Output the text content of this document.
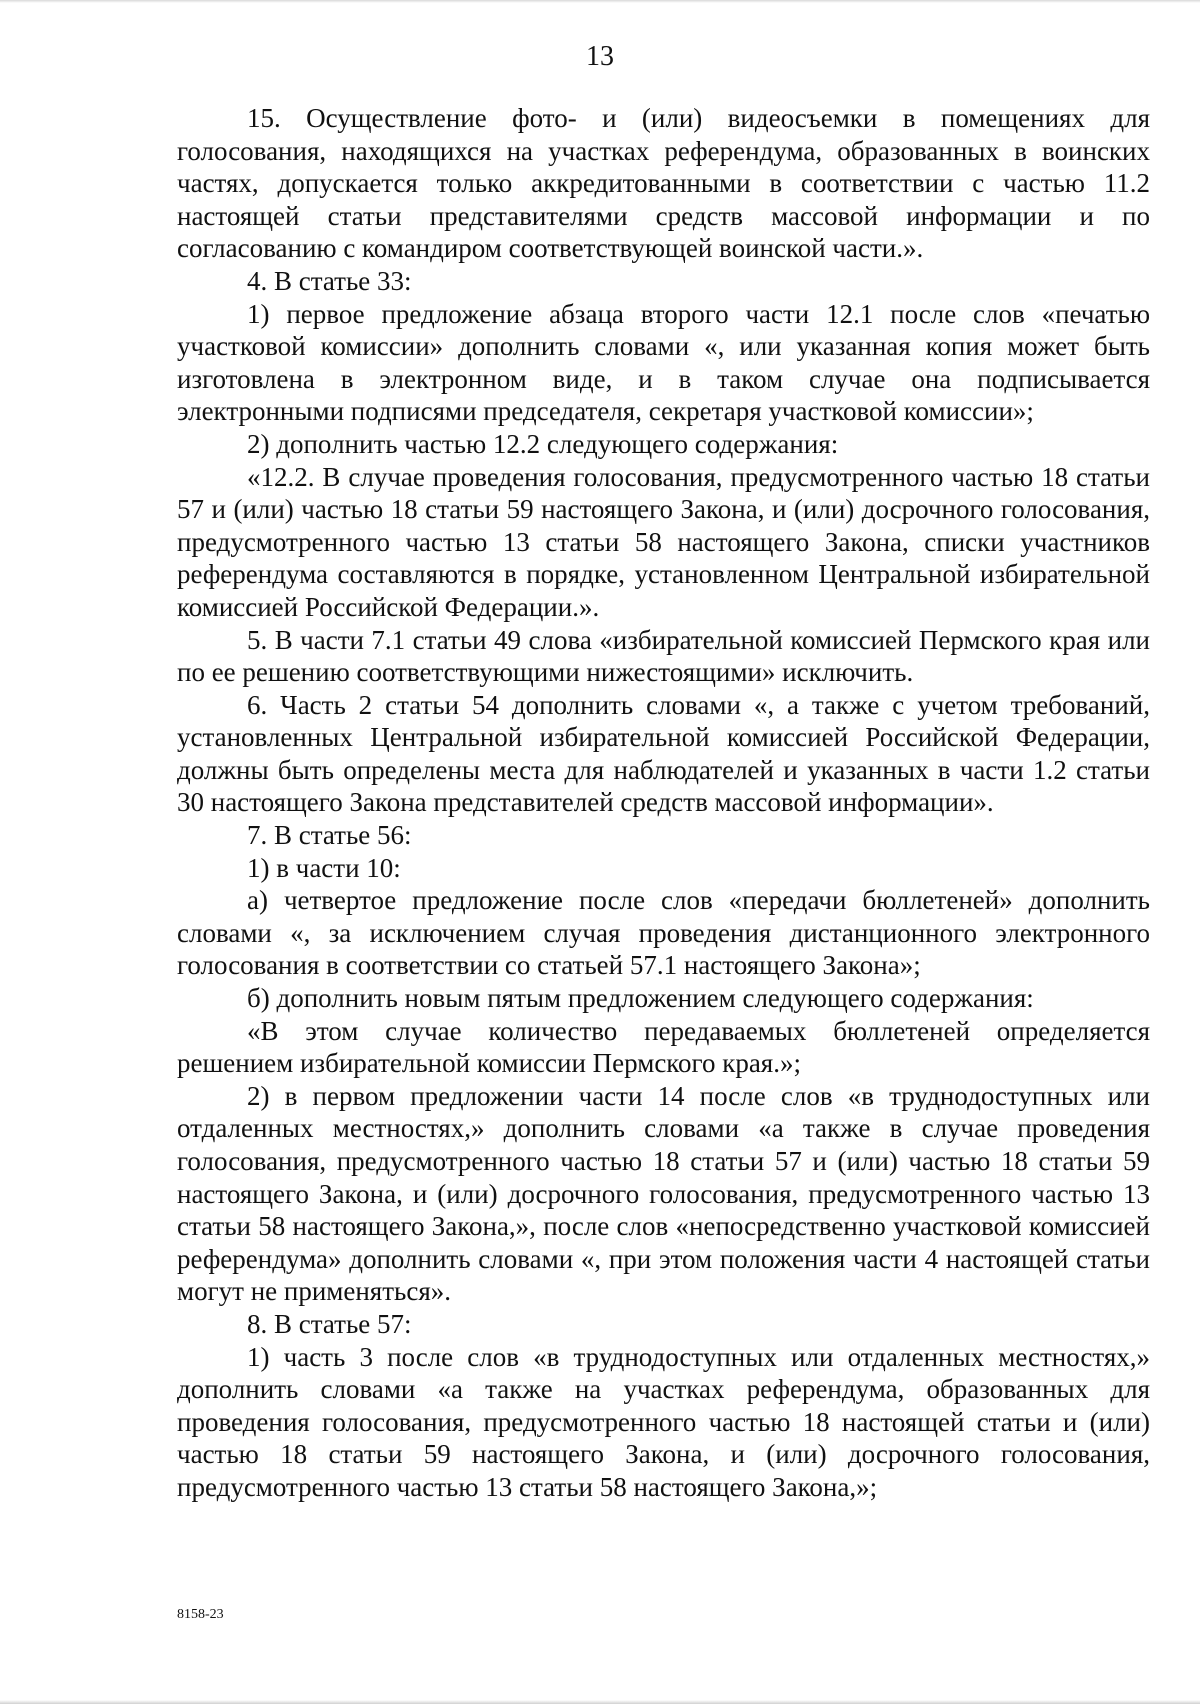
13

15. Осуществление фото- и (или) видеосъемки в помещениях для голосования, находящихся на участках референдума, образованных в воинских частях, допускается только аккредитованными в соответствии с частью 11.2 настоящей статьи представителями средств массовой информации и по согласованию с командиром соответствующей воинской части.».

4. В статье 33:

1) первое предложение абзаца второго части 12.1 после слов «печатью участковой комиссии» дополнить словами «, или указанная копия может быть изготовлена в электронном виде, и в таком случае она подписывается электронными подписями председателя, секретаря участковой комиссии»;

2) дополнить частью 12.2 следующего содержания:

«12.2. В случае проведения голосования, предусмотренного частью 18 статьи 57 и (или) частью 18 статьи 59 настоящего Закона, и (или) досрочного голосования, предусмотренного частью 13 статьи 58 настоящего Закона, списки участников референдума составляются в порядке, установленном Центральной избирательной комиссией Российской Федерации.».

5. В части 7.1 статьи 49 слова «избирательной комиссией Пермского края или по ее решению соответствующими нижестоящими» исключить.

6. Часть 2 статьи 54 дополнить словами «, а также с учетом требований, установленных Центральной избирательной комиссией Российской Федерации, должны быть определены места для наблюдателей и указанных в части 1.2 статьи 30 настоящего Закона представителей средств массовой информации».

7. В статье 56:

1) в части 10:

а) четвертое предложение после слов «передачи бюллетеней» дополнить словами «, за исключением случая проведения дистанционного электронного голосования в соответствии со статьей 57.1 настоящего Закона»;

б) дополнить новым пятым предложением следующего содержания:

«В этом случае количество передаваемых бюллетеней определяется решением избирательной комиссии Пермского края.»;

2) в первом предложении части 14 после слов «в труднодоступных или отдаленных местностях,» дополнить словами «а также в случае проведения голосования, предусмотренного частью 18 статьи 57 и (или) частью 18 статьи 59 настоящего Закона, и (или) досрочного голосования, предусмотренного частью 13 статьи 58 настоящего Закона,», после слов «непосредственно участковой комиссией референдума» дополнить словами «, при этом положения части 4 настоящей статьи могут не применяться».

8. В статье 57:

1) часть 3 после слов «в труднодоступных или отдаленных местностях,» дополнить словами «а также на участках референдума, образованных для проведения голосования, предусмотренного частью 18 настоящей статьи и (или) частью 18 статьи 59 настоящего Закона, и (или) досрочного голосования, предусмотренного частью 13 статьи 58 настоящего Закона,»;

8158-23
